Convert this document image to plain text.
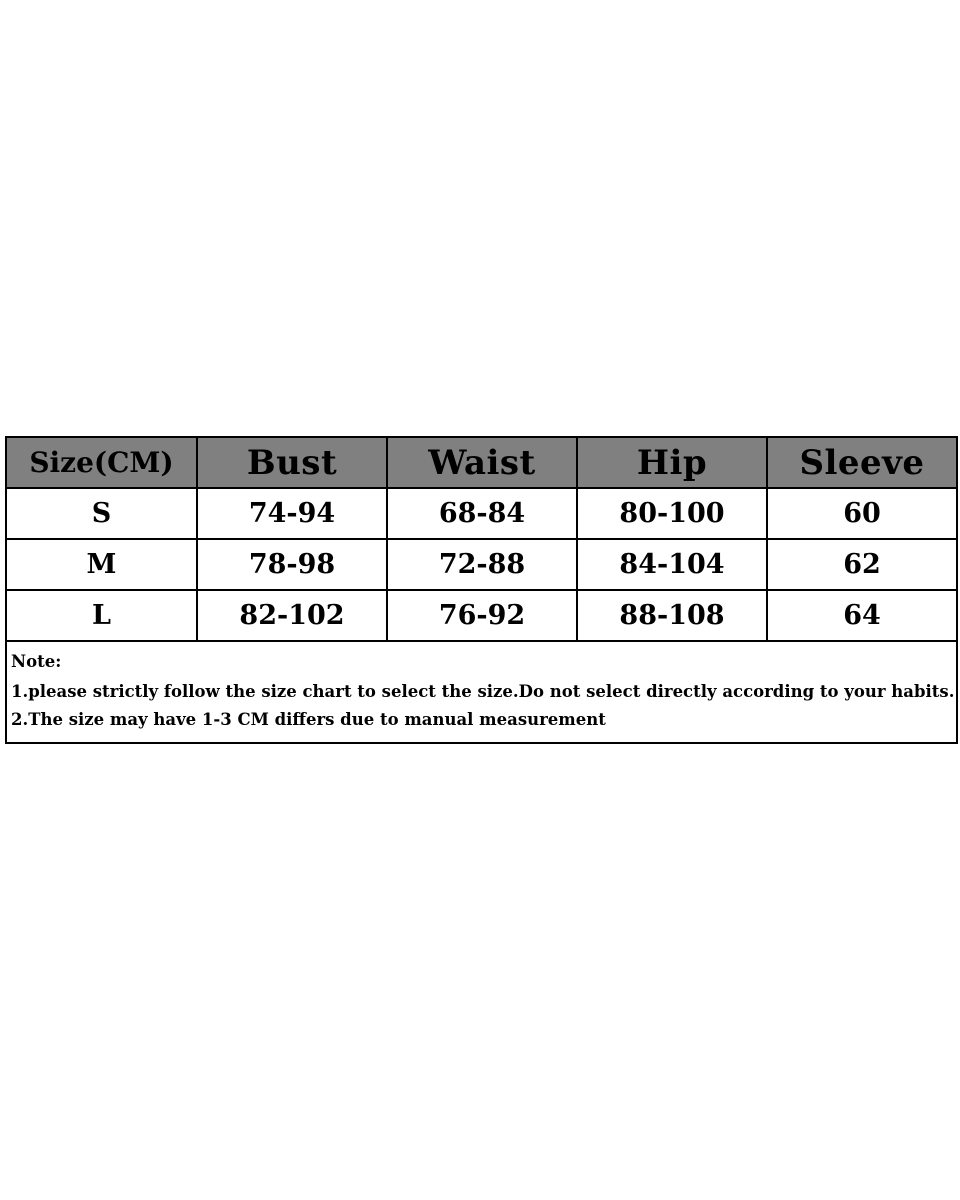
Size(CM)	Bust	Waist	Hip	Sleeve
S	74-94	68-84	80-100	60
M	78-98	72-88	84-104	62
L	82-102	76-92	88-108	64
Note:
1.please strictly follow the size chart to select the size.Do not select directly according to your habits.
2.The size may have 1-3 CM differs due to manual measurement
